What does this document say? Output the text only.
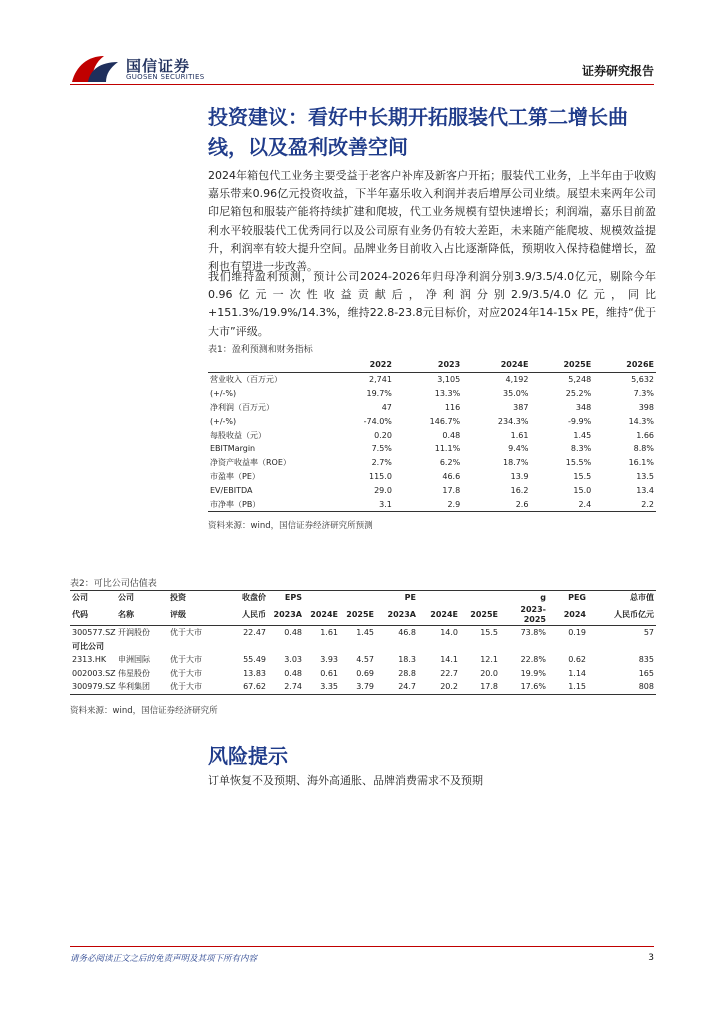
国信证券
GUOSEN SECURITIES	证券研究报告
投资建议：看好中长期开拓服装代工第二增长曲线，以及盈利改善空间
2024年箱包代工业务主要受益于老客户补库及新客户开拓；服装代工业务，上半年由于收购嘉乐带来0.96亿元投资收益，下半年嘉乐收入利润并表后增厚公司业绩。展望未来两年公司印尼箱包和服装产能将持续扩建和爬坡，代工业务规模有望快速增长；利润端，嘉乐目前盈利水平较服装代工优秀同行以及公司原有业务仍有较大差距，未来随产能爬坡、规模效益提升，利润率有较大提升空间。品牌业务目前收入占比逐渐降低，预期收入保持稳健增长，盈利也有望进一步改善。
我们维持盈利预测，预计公司2024-2026年归母净利润分别3.9/3.5/4.0亿元，剔除今年0.96亿元一次性收益贡献后，净利润分别2.9/3.5/4.0亿元，同比+151.3%/19.9%/14.3%，维持22.8-23.8元目标价，对应2024年14-15x PE，维持“优于大市”评级。
表1：盈利预测和财务指标
	2022	2023	2024E	2025E	2026E
营业收入（百万元）	2,741	3,105	4,192	5,248	5,632
(+/-%)	19.7%	13.3%	35.0%	25.2%	7.3%
净利润（百万元）	47	116	387	348	398
(+/-%)	-74.0%	146.7%	234.3%	-9.9%	14.3%
每股收益（元）	0.20	0.48	1.61	1.45	1.66
EBITMargin	7.5%	11.1%	9.4%	8.3%	8.8%
净资产收益率（ROE）	2.7%	6.2%	18.7%	15.5%	16.1%
市盈率（PE）	115.0	46.6	13.9	15.5	13.5
EV/EBITDA	29.0	17.8	16.2	15.0	13.4
市净率（PB）	3.1	2.9	2.6	2.4	2.2
资料来源：wind，国信证券经济研究所预测
表2：可比公司估值表
公司	公司	投资	收盘价	EPS			PE			g	PEG	总市值
代码	名称	评级	人民币	2023A	2024E	2025E	2023A	2024E	2025E	2023-2025	2024	人民币亿元
300577.SZ	开润股份	优于大市	22.47	0.48	1.61	1.45	46.8	14.0	15.5	73.8%	0.19	57
可比公司												
2313.HK	申洲国际	优于大市	55.49	3.03	3.93	4.57	18.3	14.1	12.1	22.8%	0.62	835
002003.SZ	伟星股份	优于大市	13.83	0.48	0.61	0.69	28.8	22.7	20.0	19.9%	1.14	165
300979.SZ	华利集团	优于大市	67.62	2.74	3.35	3.79	24.7	20.2	17.8	17.6%	1.15	808
资料来源：wind，国信证券经济研究所
风险提示
订单恢复不及预期、海外高通胀、品牌消费需求不及预期
请务必阅读正文之后的免责声明及其项下所有内容	3
